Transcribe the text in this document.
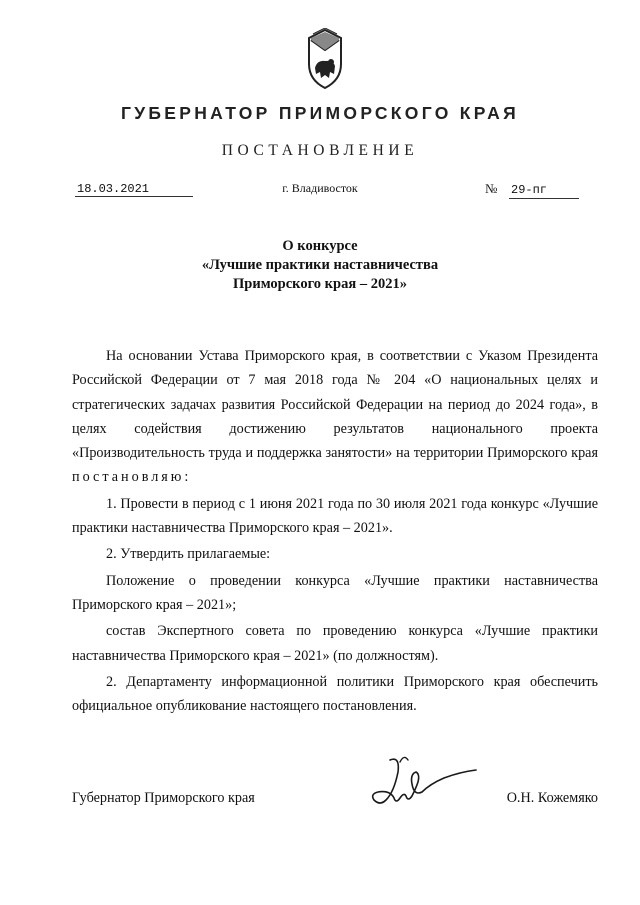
ГУБЕРНАТОР ПРИМОРСКОГО КРАЯ
ПОСТАНОВЛЕНИЕ
18.03.2021	г. Владивосток	№ 29-пг
О конкурсе
«Лучшие практики наставничества
Приморского края – 2021»

На основании Устава Приморского края, в соответствии с Указом Президента Российской Федерации от 7 мая 2018 года № 204 «О национальных целях и стратегических задачах развития Российской Федерации на период до 2024 года», в целях содействия достижению результатов национального проекта «Производительность труда и поддержка занятости» на территории Приморского края постановляю:

1. Провести в период с 1 июня 2021 года по 30 июля 2021 года конкурс «Лучшие практики наставничества Приморского края – 2021».

2. Утвердить прилагаемые:

Положение о проведении конкурса «Лучшие практики наставничества Приморского края – 2021»;

состав Экспертного совета по проведению конкурса «Лучшие практики наставничества Приморского края – 2021» (по должностям).

2. Департаменту информационной политики Приморского края обеспечить официальное опубликование настоящего постановления.

Губернатор Приморского края	О.Н. Кожемяко
